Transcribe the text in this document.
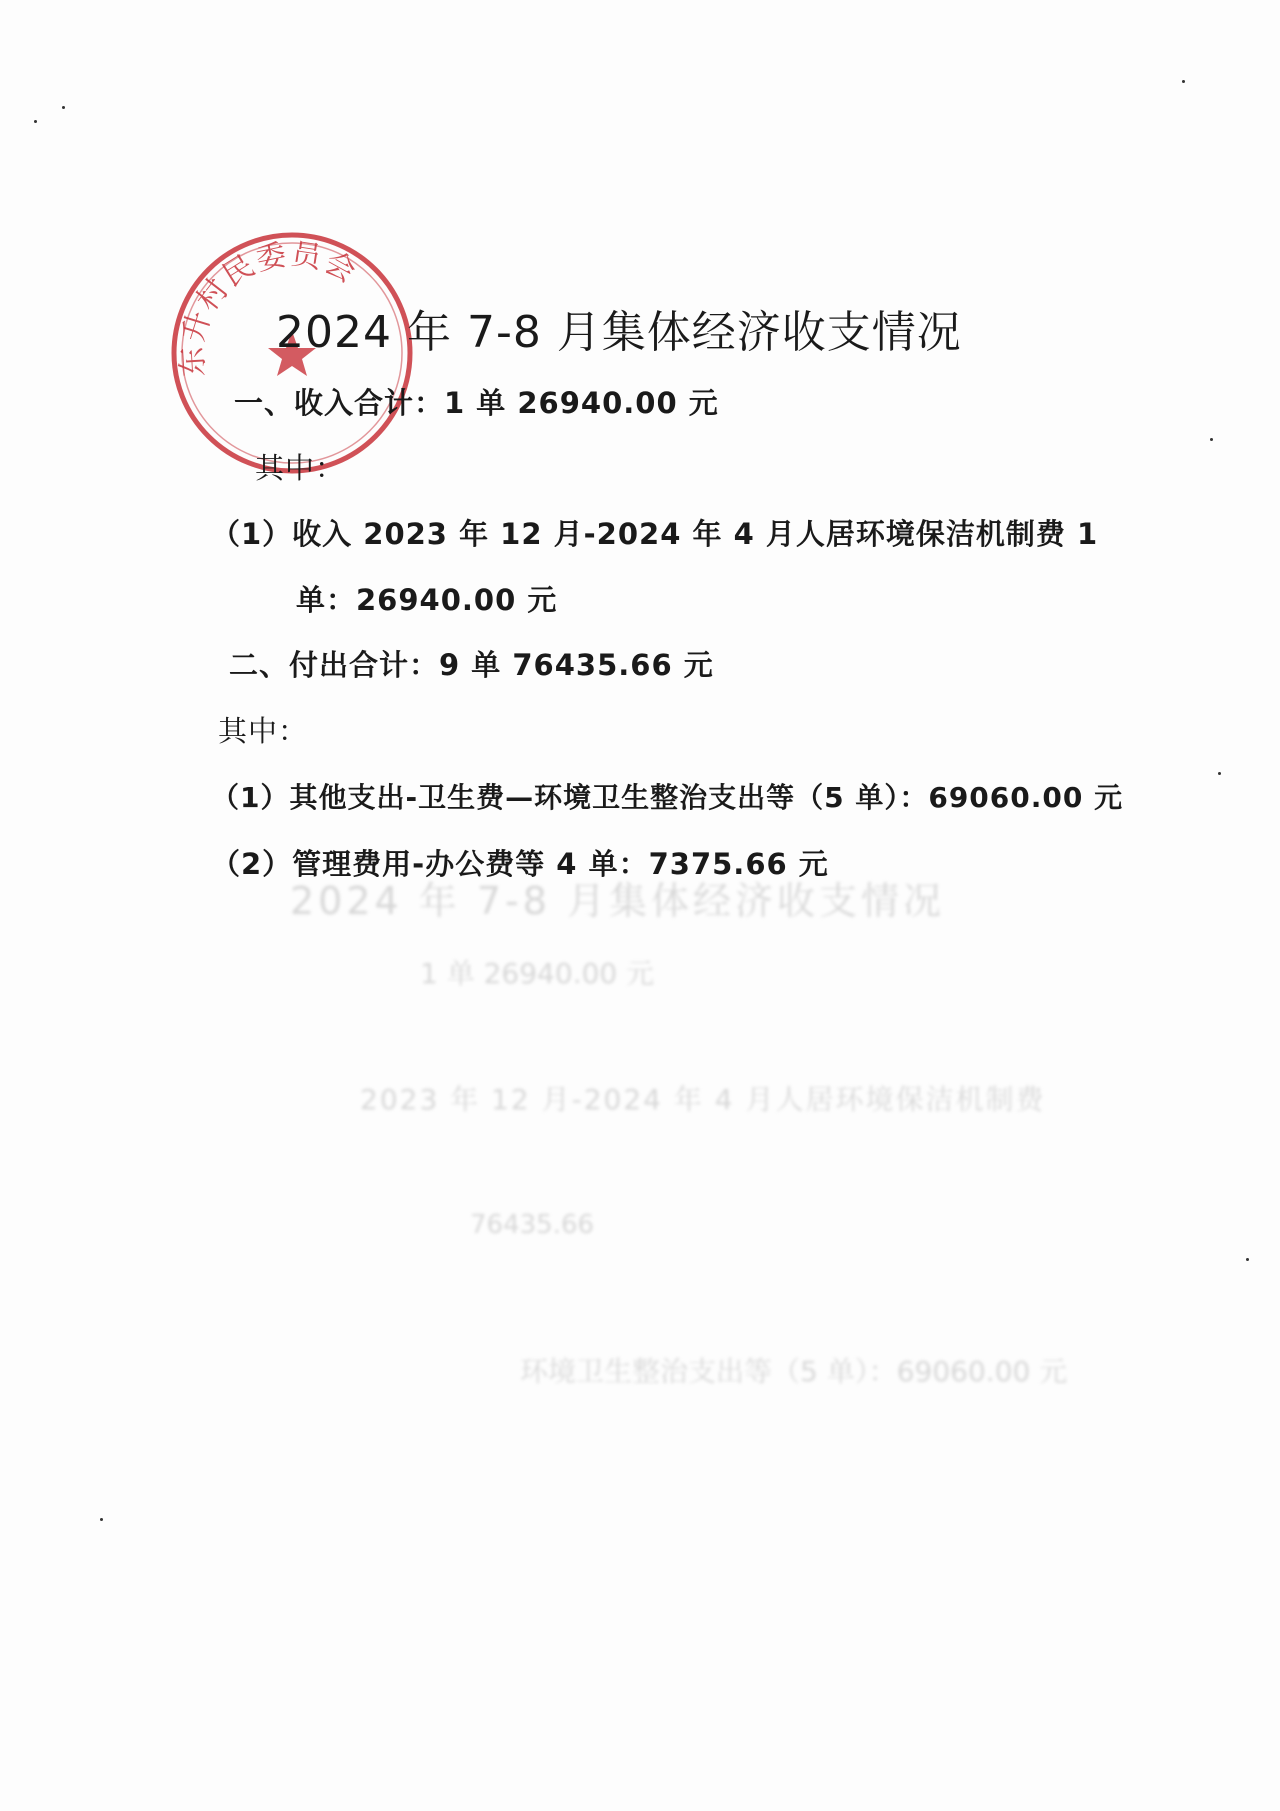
东升村民委员会
2024 年 7-8 月集体经济收支情况
一、收入合计：1 单 26940.00 元
其中：
（1）收入 2023 年 12 月-2024 年 4 月人居环境保洁机制费 1
单：26940.00 元
二、付出合计：9 单 76435.66 元
其中：
（1）其他支出-卫生费—环境卫生整治支出等（5 单）：69060.00 元
（2）管理费用-办公费等 4 单：7375.66 元
2024 年 7-8 月集体经济收支情况
1 单 26940.00 元
2023 年 12 月-2024 年 4 月人居环境保洁机制费
76435.66
环境卫生整治支出等（5 单）：69060.00 元
